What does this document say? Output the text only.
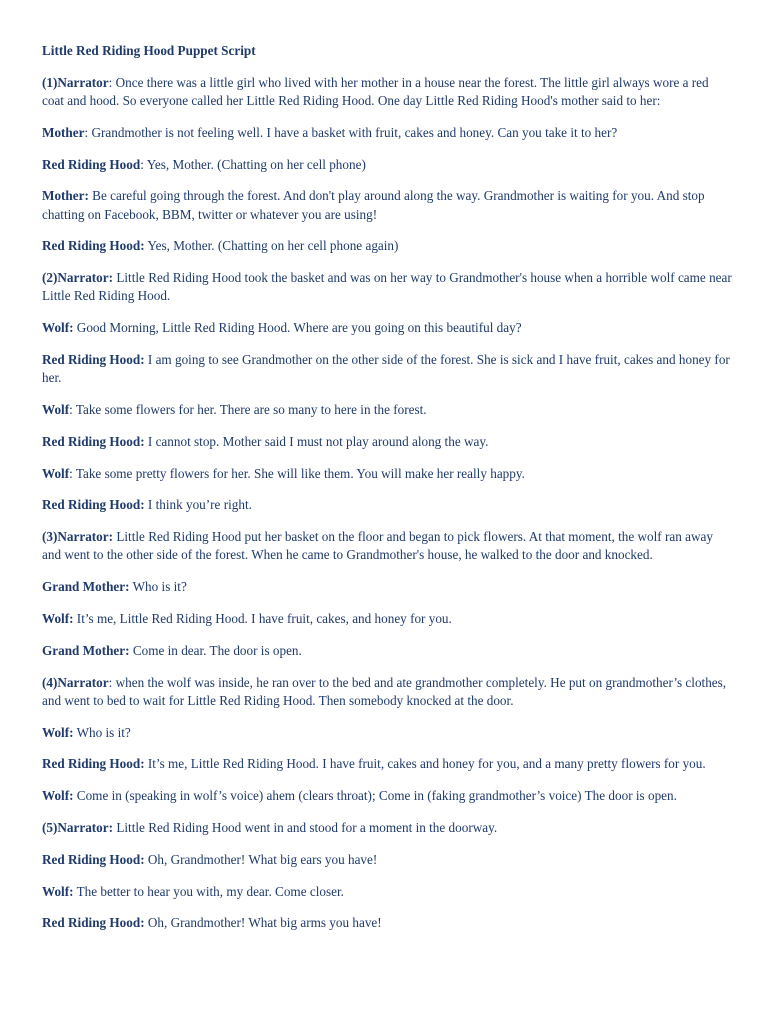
Little Red Riding Hood Puppet Script
(1)Narrator: Once there was a little girl who lived with her mother in a house near the forest. The little girl always wore a red coat and hood. So everyone called her Little Red Riding Hood. One day Little Red Riding Hood's mother said to her:
Mother: Grandmother is not feeling well. I have a basket with fruit, cakes and honey. Can you take it to her?
Red Riding Hood: Yes, Mother. (Chatting on her cell phone)
Mother: Be careful going through the forest. And don't play around along the way. Grandmother is waiting for you. And stop chatting on Facebook, BBM, twitter or whatever you are using!
Red Riding Hood: Yes, Mother. (Chatting on her cell phone again)
(2)Narrator: Little Red Riding Hood took the basket and was on her way to Grandmother's house when a horrible wolf came near Little Red Riding Hood.
Wolf: Good Morning, Little Red Riding Hood. Where are you going on this beautiful day?
Red Riding Hood: I am going to see Grandmother on the other side of the forest. She is sick and I have fruit, cakes and honey for her.
Wolf: Take some flowers for her. There are so many to here in the forest.
Red Riding Hood: I cannot stop. Mother said I must not play around along the way.
Wolf: Take some pretty flowers for her. She will like them. You will make her really happy.
Red Riding Hood: I think you’re right.
(3)Narrator: Little Red Riding Hood put her basket on the floor and began to pick flowers. At that moment, the wolf ran away and went to the other side of the forest. When he came to Grandmother's house, he walked to the door and knocked.
Grand Mother: Who is it?
Wolf: It’s me, Little Red Riding Hood. I have fruit, cakes, and honey for you.
Grand Mother: Come in dear. The door is open.
(4)Narrator: when the wolf was inside, he ran over to the bed and ate grandmother completely. He put on grandmother’s clothes, and went to bed to wait for Little Red Riding Hood. Then somebody knocked at the door.
Wolf: Who is it?
Red Riding Hood: It’s me, Little Red Riding Hood. I have fruit, cakes and honey for you, and a many pretty flowers for you.
Wolf: Come in (speaking in wolf’s voice) ahem (clears throat); Come in (faking grandmother’s voice) The door is open.
(5)Narrator: Little Red Riding Hood went in and stood for a moment in the doorway.
Red Riding Hood: Oh, Grandmother! What big ears you have!
Wolf: The better to hear you with, my dear. Come closer.
Red Riding Hood: Oh, Grandmother! What big arms you have!
